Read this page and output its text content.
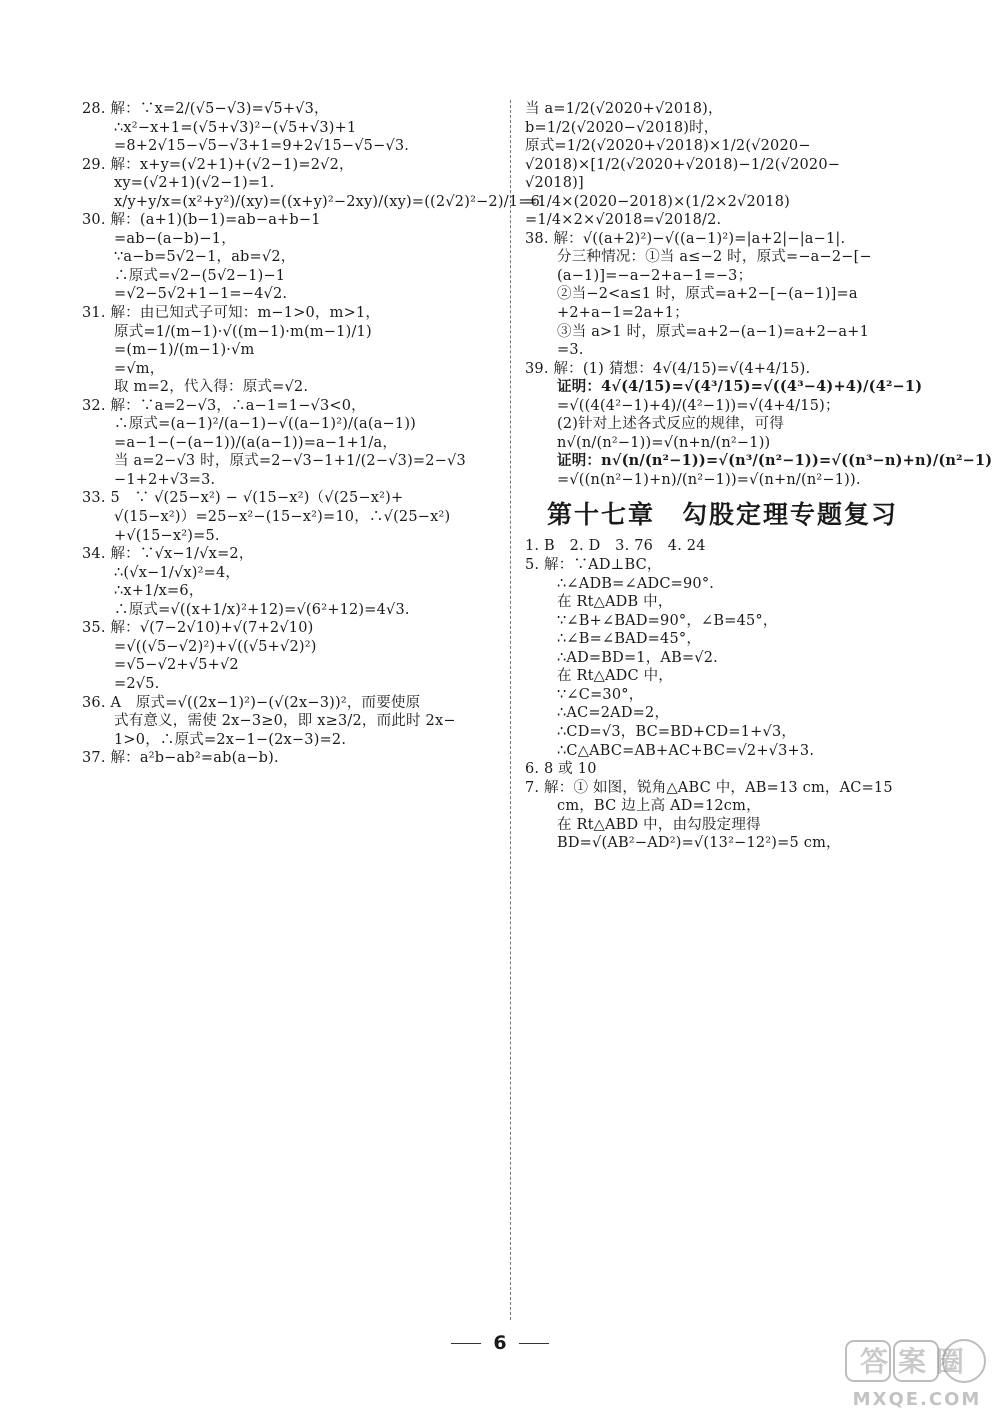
28. 解：∵x=2/(√5−√3)=√5+√3，
∴x²−x+1=(√5+√3)²−(√5+√3)+1
=8+2√15−√5−√3+1=9+2√15−√5−√3.
29. 解：x+y=(√2+1)+(√2−1)=2√2，
xy=(√2+1)(√2−1)=1.
x/y+y/x=(x²+y²)/(xy)=((x+y)²−2xy)/(xy)=((2√2)²−2)/1=6.
30. 解：(a+1)(b−1)=ab−a+b−1
=ab−(a−b)−1，
∵a−b=5√2−1，ab=√2，
∴原式=√2−(5√2−1)−1
=√2−5√2+1−1=−4√2.
31. 解：由已知式子可知：m−1>0，m>1，
原式=1/(m−1)·√((m−1)·m(m−1)/1)
=(m−1)/(m−1)·√m
=√m，
取 m=2，代入得：原式=√2.
32. 解：∵a=2−√3，∴a−1=1−√3<0，
∴原式=(a−1)²/(a−1)−√((a−1)²)/(a(a−1))
=a−1−(−(a−1))/(a(a−1))=a−1+1/a，
当 a=2−√3 时，原式=2−√3−1+1/(2−√3)=2−√3
−1+2+√3=3.
33. 5　∵ √(25−x²) − √(15−x²)（√(25−x²)+
√(15−x²)）=25−x²−(15−x²)=10，∴√(25−x²)
+√(15−x²)=5.
34. 解：∵√x−1/√x=2，
∴(√x−1/√x)²=4，
∴x+1/x=6，
∴原式=√((x+1/x)²+12)=√(6²+12)=4√3.
35. 解：√(7−2√10)+√(7+2√10)
=√((√5−√2)²)+√((√5+√2)²)
=√5−√2+√5+√2
=2√5.
36. A　原式=√((2x−1)²)−(√(2x−3))²，而要使原
式有意义，需使 2x−3≥0，即 x≥3/2，而此时 2x−
1>0，∴原式=2x−1−(2x−3)=2.
37. 解：a²b−ab²=ab(a−b).
当 a=1/2(√2020+√2018)，
b=1/2(√2020−√2018)时，
原式=1/2(√2020+√2018)×1/2(√2020−
√2018)×[1/2(√2020+√2018)−1/2(√2020−
√2018)]
=1/4×(2020−2018)×(1/2×2√2018)
=1/4×2×√2018=√2018/2.
38. 解：√((a+2)²)−√((a−1)²)=|a+2|−|a−1|.
分三种情况：①当 a≤−2 时，原式=−a−2−[−
(a−1)]=−a−2+a−1=−3；
②当−2<a≤1 时，原式=a+2−[−(a−1)]=a
+2+a−1=2a+1；
③当 a>1 时，原式=a+2−(a−1)=a+2−a+1
=3.
39. 解：(1) 猜想：4√(4/15)=√(4+4/15).
证明：4√(4/15)=√(4³/15)=√((4³−4)+4)/(4²−1)
=√((4(4²−1)+4)/(4²−1))=√(4+4/15)；
(2)针对上述各式反应的规律，可得
n√(n/(n²−1))=√(n+n/(n²−1))
证明：n√(n/(n²−1))=√(n³/(n²−1))=√((n³−n)+n)/(n²−1)
=√((n(n²−1)+n)/(n²−1))=√(n+n/(n²−1)).
第十七章　勾股定理专题复习
1. B　2. D　3. 76　4. 24
5. 解：∵AD⊥BC，
∴∠ADB=∠ADC=90°.
在 Rt△ADB 中，
∵∠B+∠BAD=90°，∠B=45°，
∴∠B=∠BAD=45°，
∴AD=BD=1，AB=√2.
在 Rt△ADC 中，
∵∠C=30°，
∴AC=2AD=2，
∴CD=√3，BC=BD+CD=1+√3，
∴C△ABC=AB+AC+BC=√2+√3+3.
6. 8 或 10
7. 解：① 如图，锐角△ABC 中，AB=13 cm，AC=15
cm，BC 边上高 AD=12cm，
在 Rt△ABD 中，由勾股定理得
BD=√(AB²−AD²)=√(13²−12²)=5 cm，
6
答案圈
MXQE.COM
